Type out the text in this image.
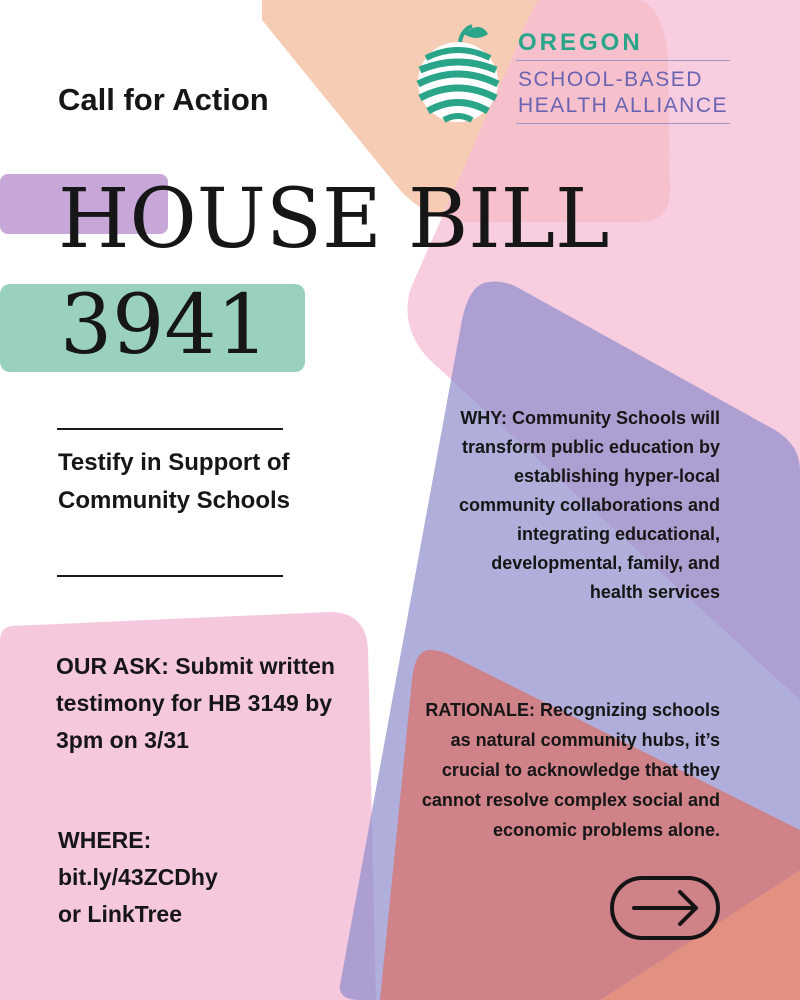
OREGON

SCHOOL-BASED

HEALTH ALLIANCE

Call for Action

HOUSE BILL

3941

Testify in Support of Community Schools

WHY: Community Schools will transform public education by establishing hyper-local community collaborations and integrating educational, developmental, family, and health services

RATIONALE: Recognizing schools as natural community hubs, it’s crucial to acknowledge that they cannot resolve complex social and economic problems alone.

OUR ASK: Submit written testimony for HB 3149 by 3pm on 3/31

WHERE:
bit.ly/43ZCDhy
or LinkTree
